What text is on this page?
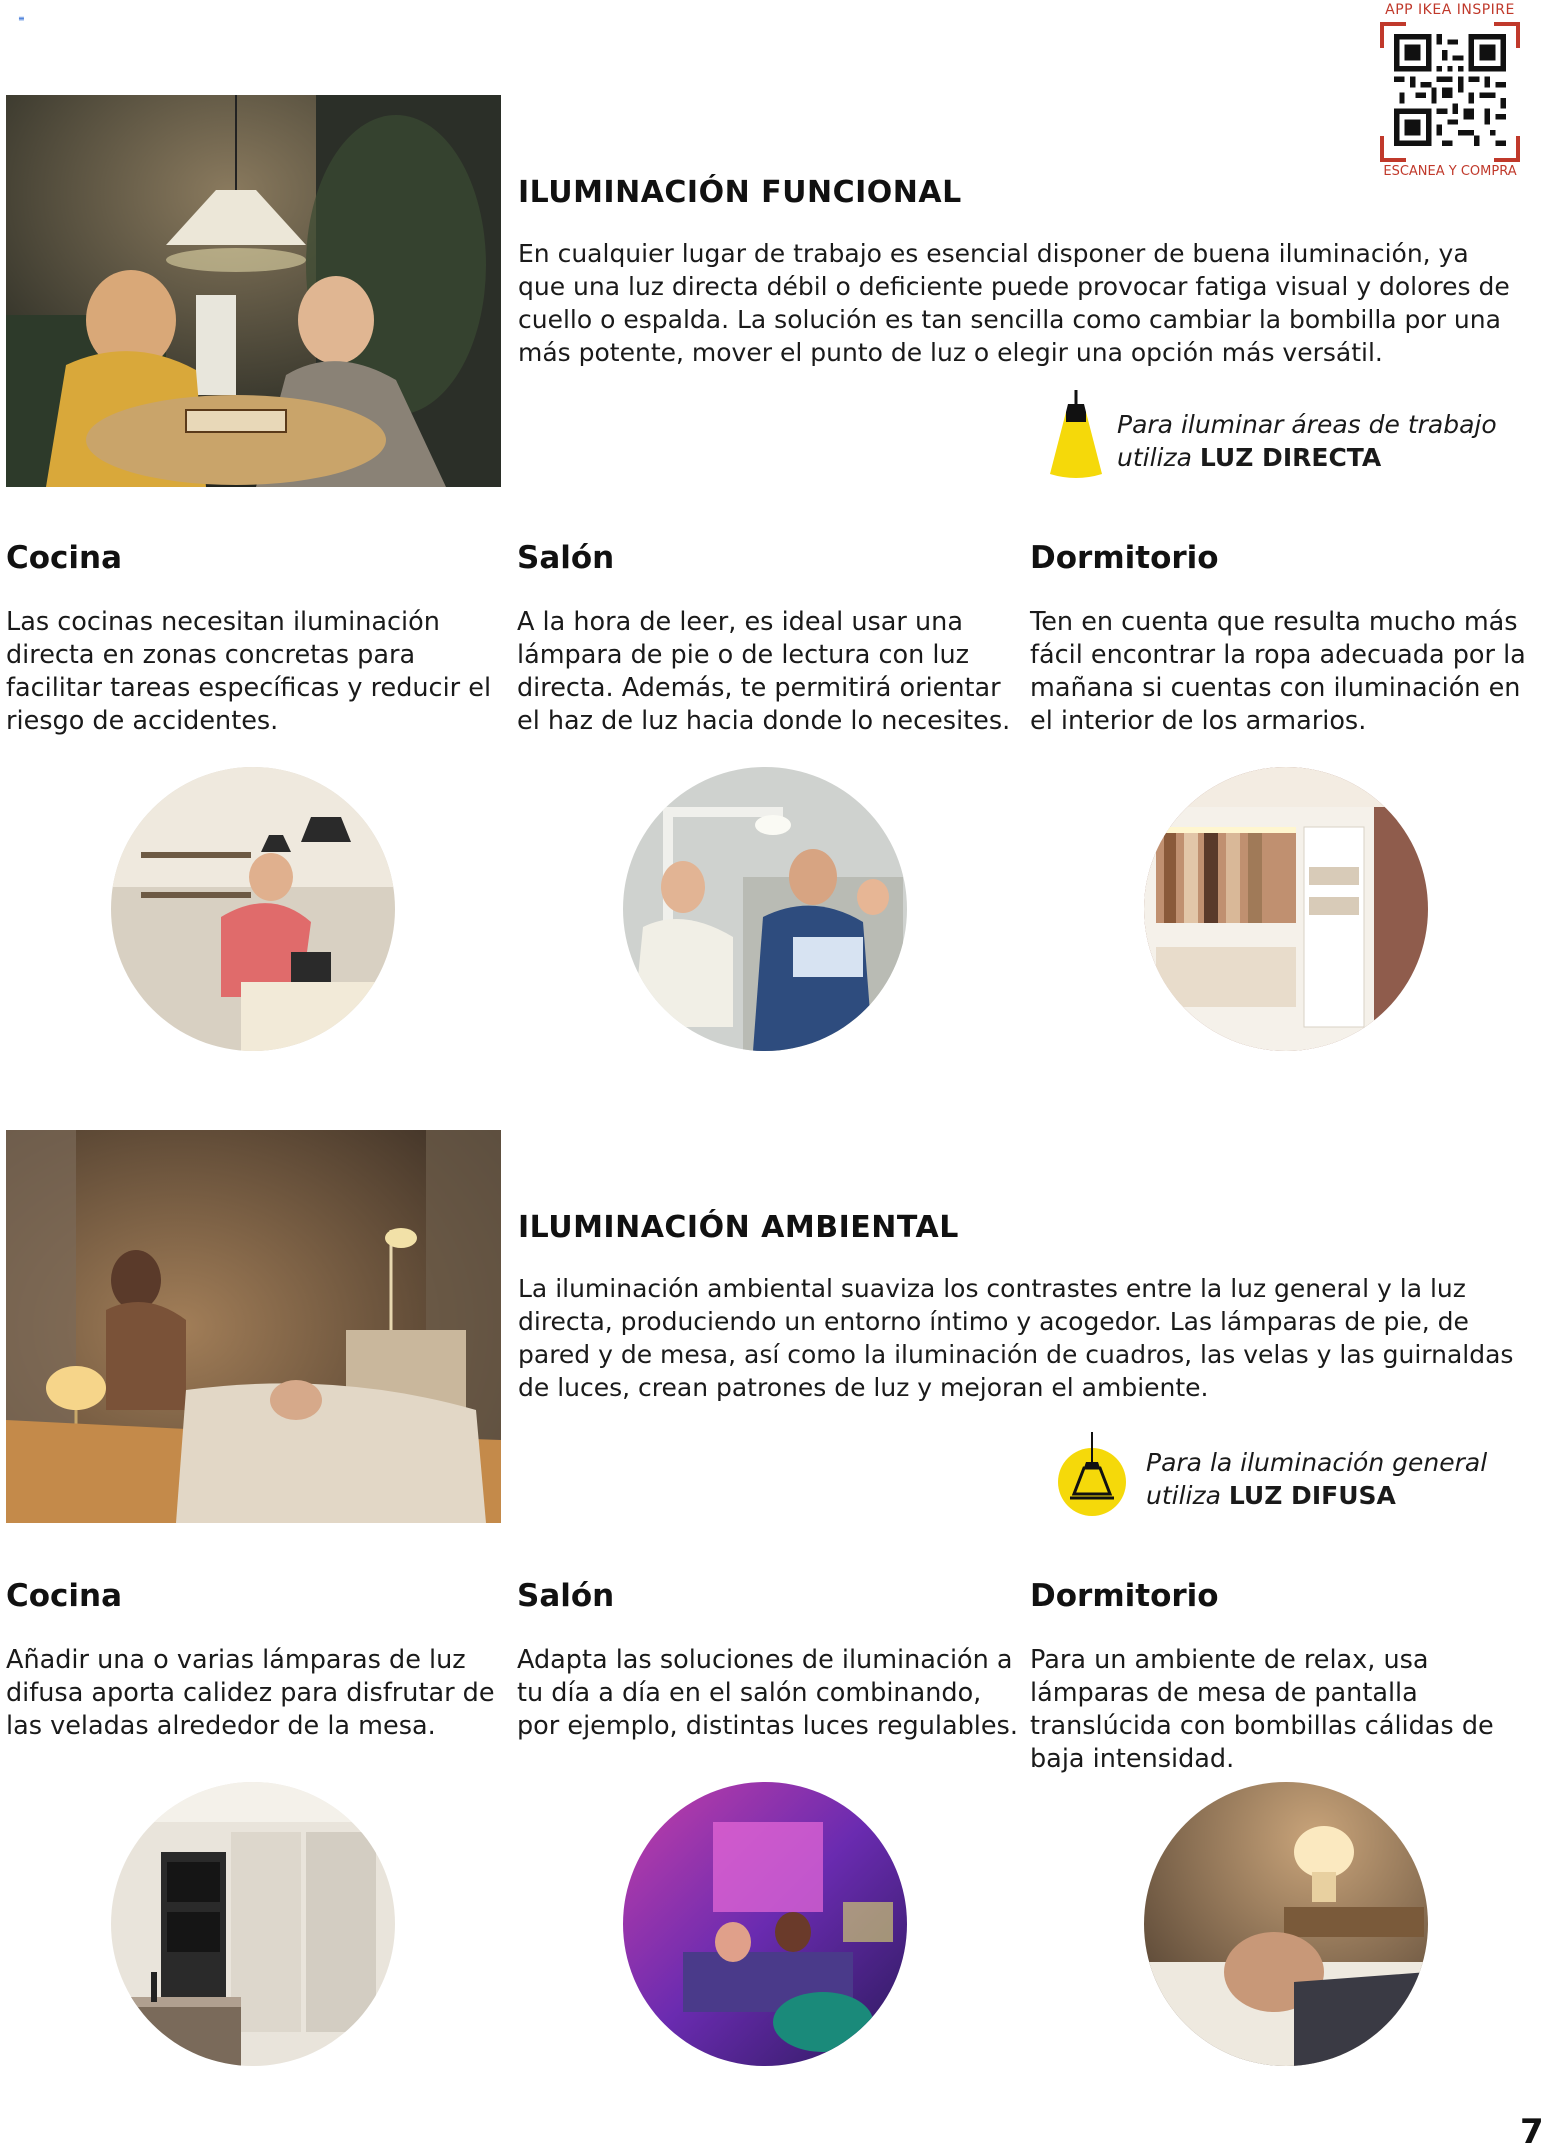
≡
APP IKEA INSPIRE
ESCANEA Y COMPRA
ILUMINACIÓN FUNCIONAL
En cualquier lugar de trabajo es esencial disponer de buena iluminación, ya que una luz directa débil o deficiente puede provocar fatiga visual y dolores de cuello o espalda. La solución es tan sencilla como cambiar la bombilla por una más potente, mover el punto de luz o elegir una opción más versátil.
Para iluminar áreas de trabajo
utiliza LUZ DIRECTA
Cocina	Salón	Dormitorio
Las cocinas necesitan iluminación directa en zonas concretas para facilitar tareas específicas y reducir el riesgo de accidentes.
A la hora de leer, es ideal usar una lámpara de pie o de lectura con luz directa. Además, te permitirá orientar el haz de luz hacia donde lo necesites.
Ten en cuenta que resulta mucho más fácil encontrar la ropa adecuada por la mañana si cuentas con iluminación en el interior de los armarios.
ILUMINACIÓN AMBIENTAL
La iluminación ambiental suaviza los contrastes entre la luz general y la luz directa, produciendo un entorno íntimo y acogedor. Las lámparas de pie, de pared y de mesa, así como la iluminación de cuadros, las velas y las guirnaldas de luces, crean patrones de luz y mejoran el ambiente.
Para la iluminación general
utiliza LUZ DIFUSA
Cocina	Salón	Dormitorio
Añadir una o varias lámparas de luz difusa aporta calidez para disfrutar de las veladas alrededor de la mesa.
Adapta las soluciones de iluminación a tu día a día en el salón combinando, por ejemplo, distintas luces regulables.
Para un ambiente de relax, usa lámparas de mesa de pantalla translúcida con bombillas cálidas de baja intensidad.
7
